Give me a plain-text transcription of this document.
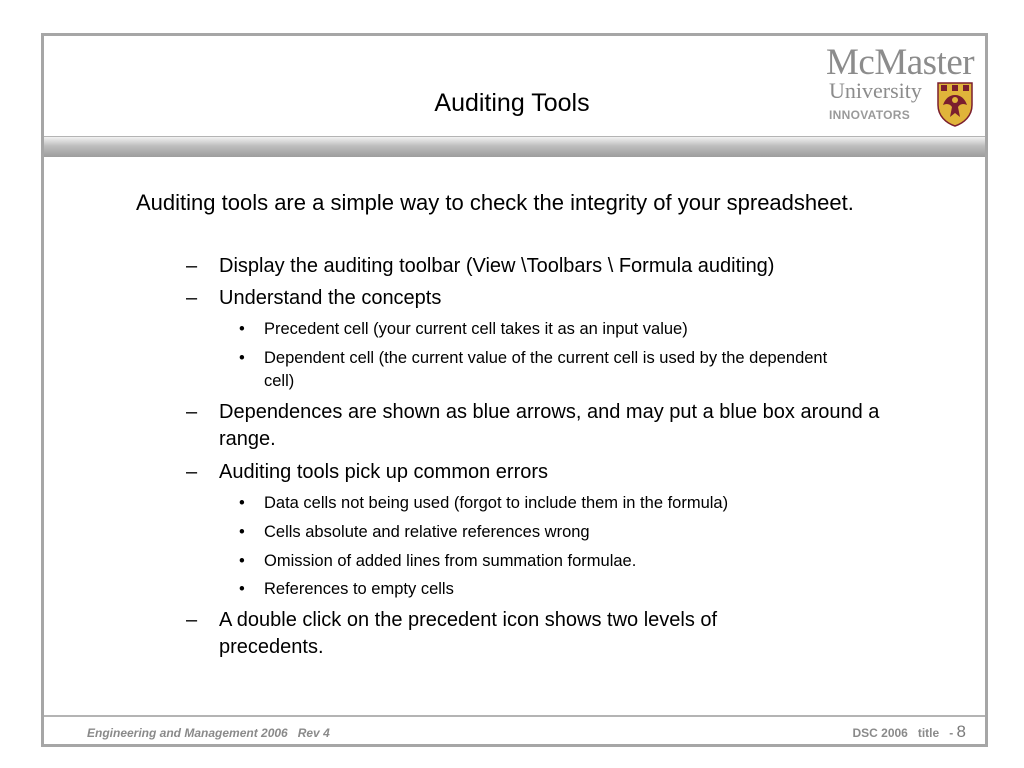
Auditing Tools
McMaster
University
INNOVATORS
Auditing tools are a simple way to check the integrity of your spreadsheet.
–	Display the auditing toolbar (View \Toolbars \ Formula auditing)
–	Understand the concepts
•	Precedent cell (your current cell takes it as an input value)
•	Dependent cell (the current value of the current cell is used by the dependent cell)
–	Dependences are shown as blue arrows, and may put a blue box around a range.
–	Auditing tools pick up common errors
•	Data cells not being used (forgot to include them in the formula)
•	Cells absolute and relative references wrong
•	Omission of added lines from summation formulae.
•	References to empty cells
–	A double click on the precedent icon shows two levels of precedents.
Engineering and Management 2006   Rev 4	DSC 2006   title   - 8
